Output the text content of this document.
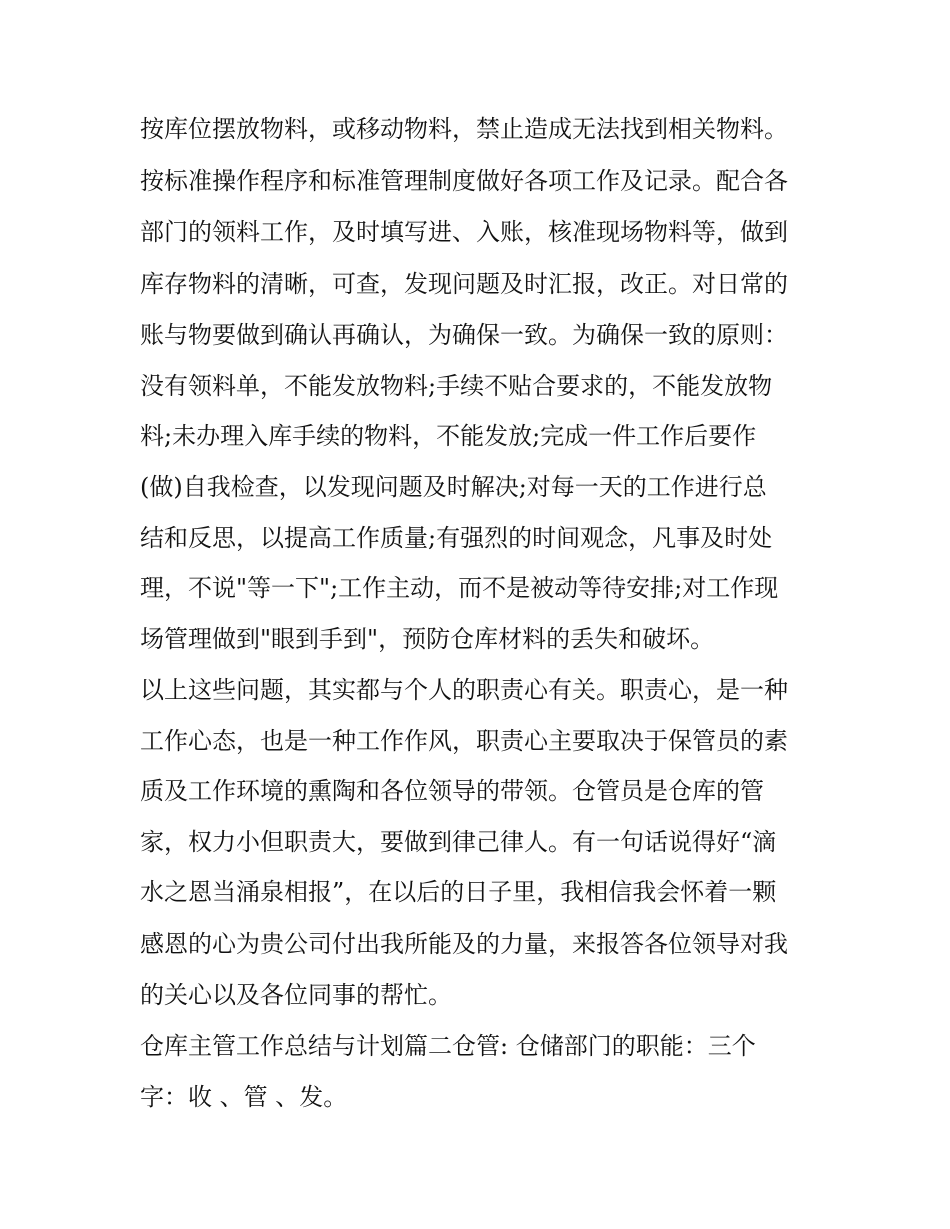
按库位摆放物料，或移动物料，禁止造成无法找到相关物料。
按标准操作程序和标准管理制度做好各项工作及记录。配合各
部门的领料工作，及时填写进、入账，核准现场物料等，做到
库存物料的清晰，可查，发现问题及时汇报，改正。对日常的
账与物要做到确认再确认，为确保一致。为确保一致的原则：
没有领料单，不能发放物料;手续不贴合要求的，不能发放物
料;未办理入库手续的物料，不能发放;完成一件工作后要作
(做)自我检查，以发现问题及时解决;对每一天的工作进行总
结和反思，以提高工作质量;有强烈的时间观念，凡事及时处
理，不说"等一下";工作主动，而不是被动等待安排;对工作现
场管理做到"眼到手到"，预防仓库材料的丢失和破坏。
以上这些问题，其实都与个人的职责心有关。职责心，是一种
工作心态，也是一种工作作风，职责心主要取决于保管员的素
质及工作环境的熏陶和各位领导的带领。仓管员是仓库的管
家，权力小但职责大，要做到律己律人。有一句话说得好“滴
水之恩当涌泉相报”，在以后的日子里，我相信我会怀着一颗
感恩的心为贵公司付出我所能及的力量，来报答各位领导对我
的关心以及各位同事的帮忙。
仓库主管工作总结与计划篇二仓管: 仓储部门的职能：三个
字：收 、管 、发。
